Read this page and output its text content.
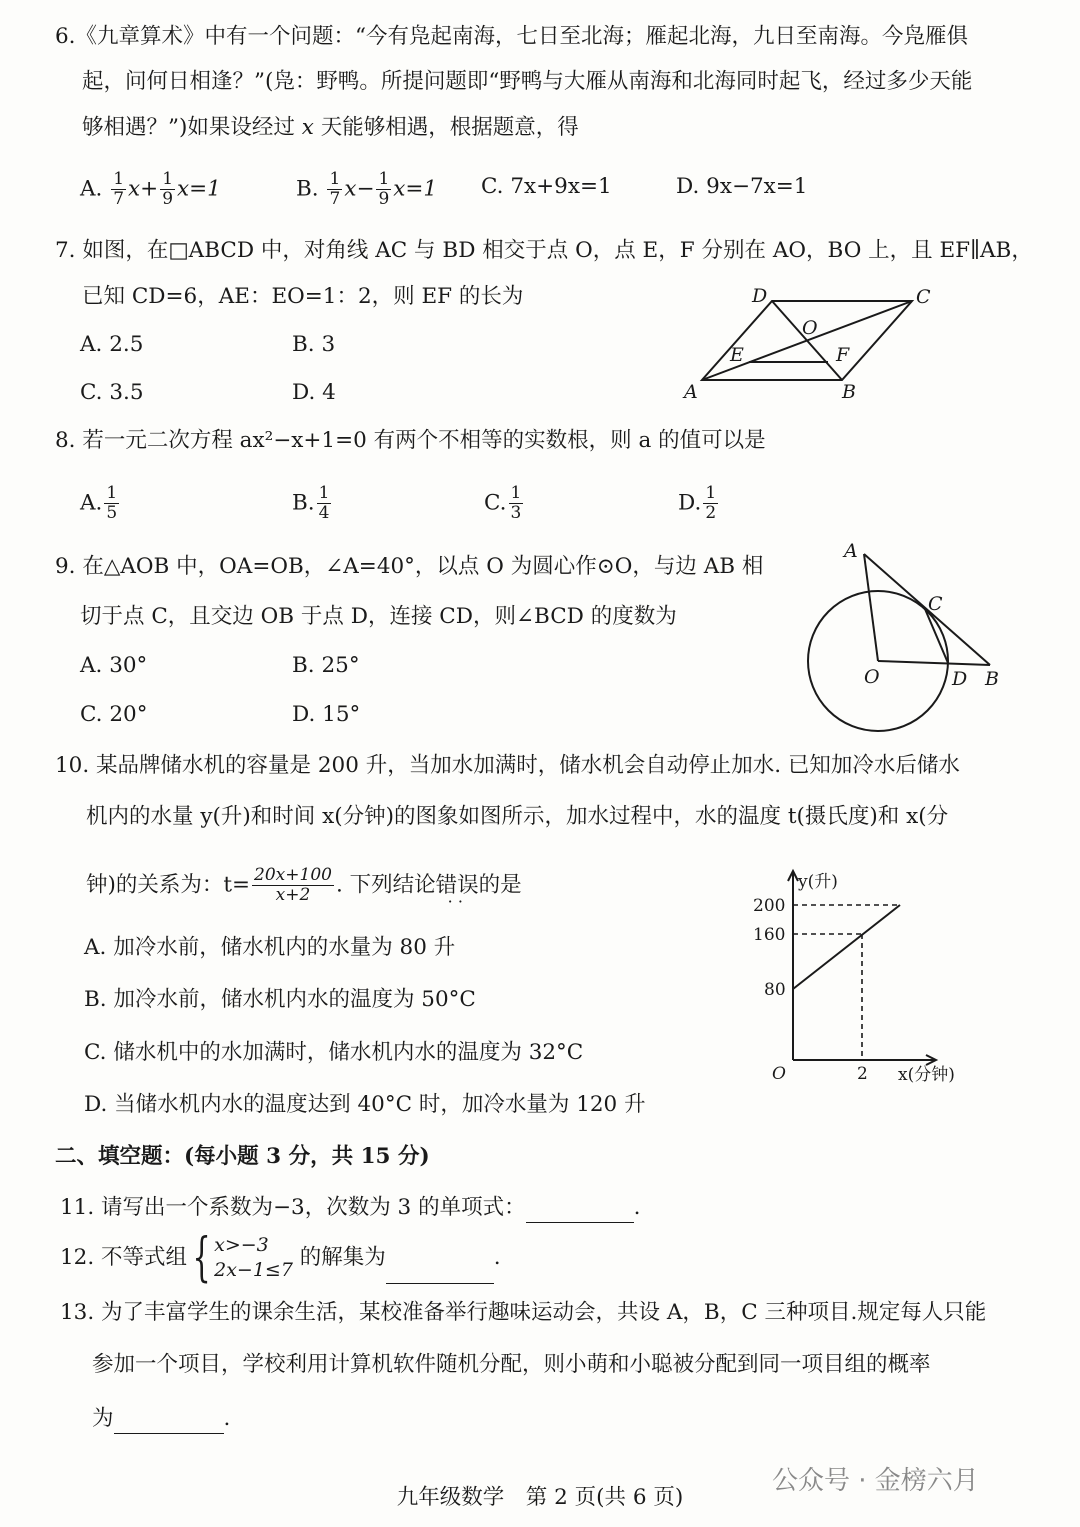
6.《九章算术》中有一个问题：“今有凫起南海，七日至北海；雁起北海，九日至南海。今凫雁俱
起，问何日相逢？”(凫：野鸭。所提问题即“野鸭与大雁从南海和北海同时起飞，经过多少天能
够相遇？”)如果设经过 x 天能够相遇，根据题意，得
A. $\frac{1}{7} x+ \frac{1}{9} x=1$	B. $\frac{1}{7} x- \frac{1}{9} x=1$ C. 7x+9x=1	D. 9x−7x=1
7. 如图，在□ABCD 中，对角线 AC 与 BD 相交于点 O，点 E，F 分别在 AO，BO 上，且 EF∥AB，
已知 CD=6，AE：EO=1：2，则 EF 的长为
A. 2.5	B. 3
C. 3.5	D. 4
D	C
O
E	F
A	B
8. 若一元二次方程 ax²−x+1=0 有两个不相等的实数根，则 a 的值可以是
A. $\frac{1}{5}$	B. $\frac{1}{4}$	C. $\frac{1}{3}$	D. $\frac{1}{2}$
9. 在△AOB 中，OA=OB，∠A=40°，以点 O 为圆心作⊙O，与边 AB 相
切于点 C，且交边 OB 于点 D，连接 CD，则∠BCD 的度数为
A. 30°	B. 25°
C. 20°	D. 15°
A
C
O	D B
10. 某品牌储水机的容量是 200 升，当加水加满时，储水机会自动停止加水. 已知加冷水后储水
机内的水量 y(升)和时间 x(分钟)的图象如图所示，加水过程中，水的温度 t(摄氏度)和 x(分
钟)的关系为：$t= \frac{20x+100}{x+2}$ . 下列结论错误 · ·的是
A. 加冷水前，储水机内的水量为 80 升
B. 加冷水前，储水机内水的温度为 50°C
C. 储水机中的水加满时，储水机内水的温度为 32°C
D. 当储水机内水的温度达到 40°C 时，加冷水量为 120 升
y(升)
x(分钟)
O
200
160
80
2
二、填空题：(每小题 3 分，共 15 分)
11. 请写出一个系数为−3，次数为 3 的单项式：	.
12. 不等式组 { x>−3
2x−1≤7 的解集为	.
13. 为了丰富学生的课余生活，某校准备举行趣味运动会，共设 A，B，C 三种项目.规定每人只能
参加一个项目，学校利用计算机软件随机分配，则小萌和小聪被分配到同一项目组的概率
为	.
九年级数学　第 2 页(共 6 页)
公众号 · 金榜六月
